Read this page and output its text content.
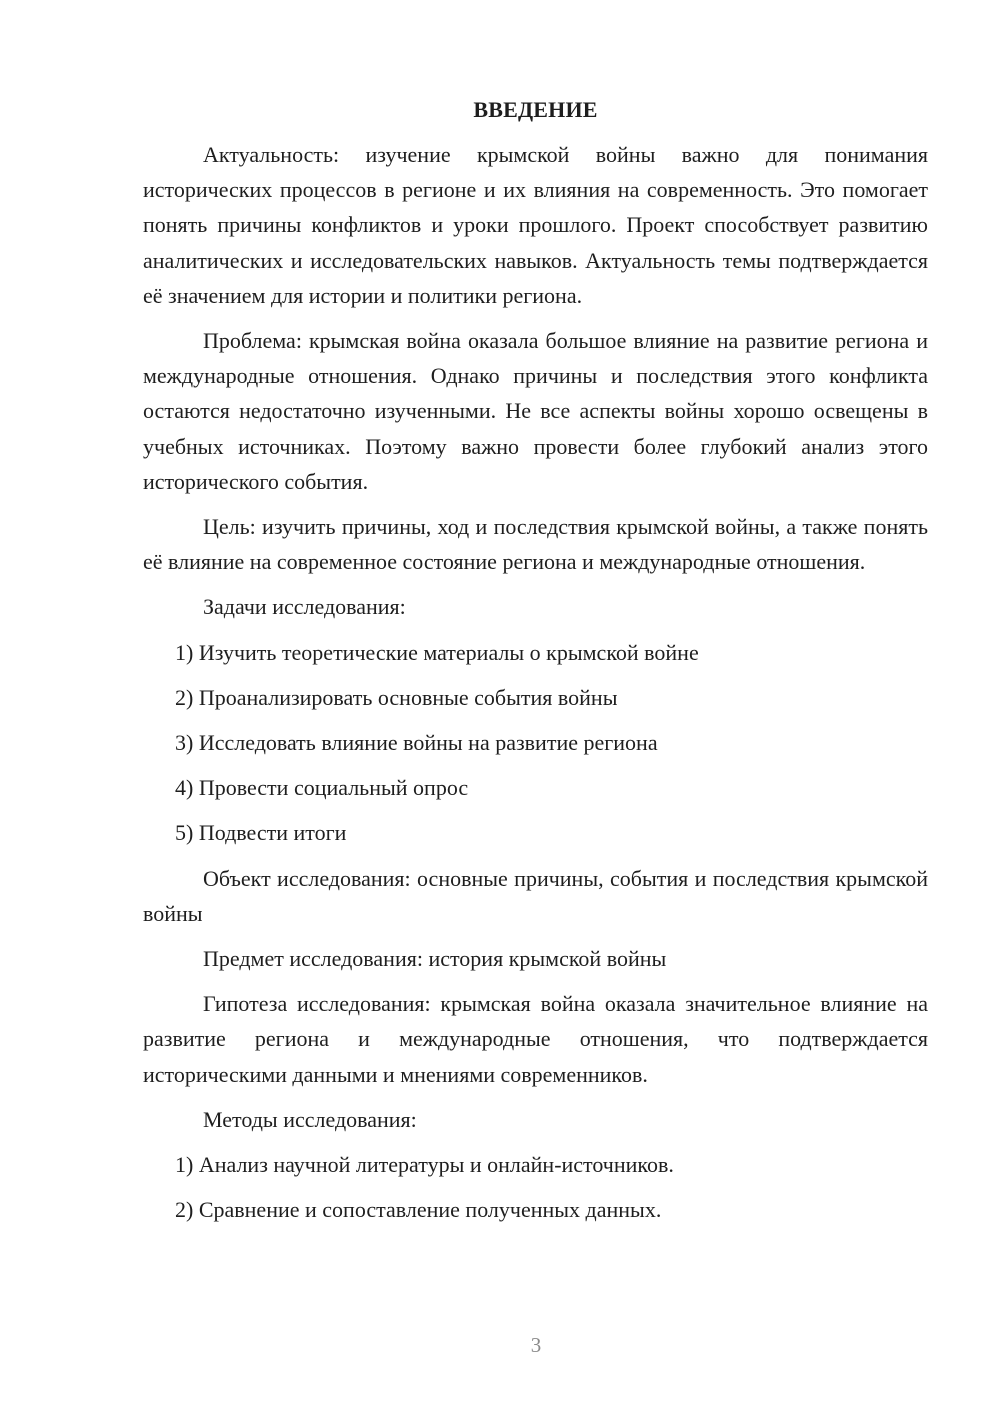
ВВЕДЕНИЕ

Актуальность: изучение крымской войны важно для понимания исторических процессов в регионе и их влияния на современность. Это помогает понять причины конфликтов и уроки прошлого. Проект способствует развитию аналитических и исследовательских навыков. Актуальность темы подтверждается её значением для истории и политики региона.

Проблема: крымская война оказала большое влияние на развитие региона и международные отношения. Однако причины и последствия этого конфликта остаются недостаточно изученными. Не все аспекты войны хорошо освещены в учебных источниках. Поэтому важно провести более глубокий анализ этого исторического события.

Цель: изучить причины, ход и последствия крымской войны, а также понять её влияние на современное состояние региона и международные отношения.

Задачи исследования:

1) Изучить теоретические материалы о крымской войне

2) Проанализировать основные события войны

3) Исследовать влияние войны на развитие региона

4) Провести социальный опрос

5) Подвести итоги

Объект исследования: основные причины, события и последствия крымской войны

Предмет исследования: история крымской войны

Гипотеза исследования: крымская война оказала значительное влияние на развитие региона и международные отношения, что подтверждается историческими данными и мнениями современников.

Методы исследования:

1) Анализ научной литературы и онлайн-источников.

2) Сравнение и сопоставление полученных данных.

3
